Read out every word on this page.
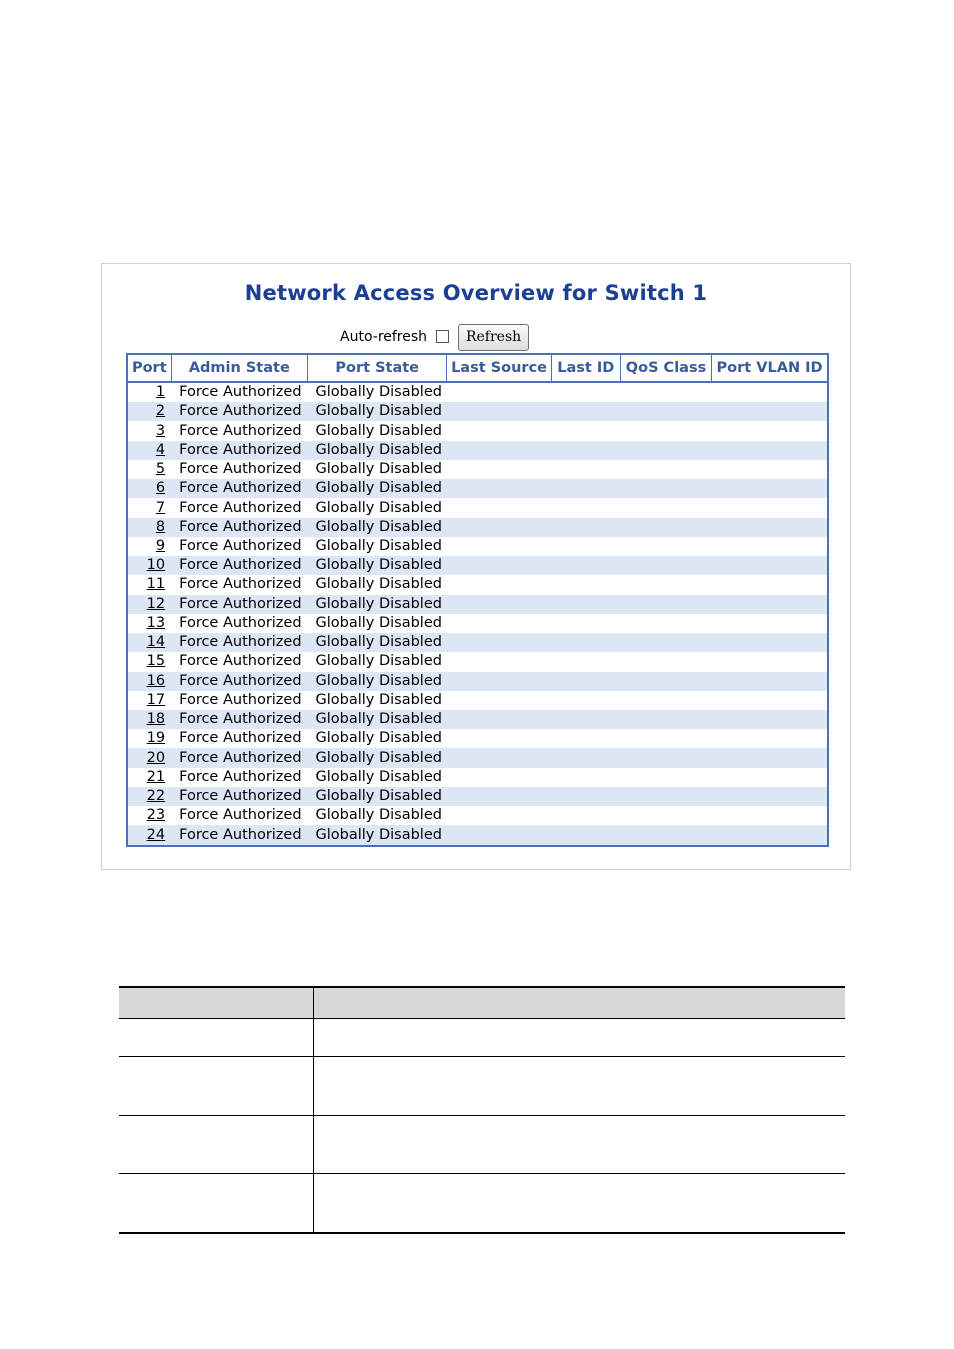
Network Access Overview for Switch 1
Auto-refresh	Refresh
Port	Admin State	Port State	Last Source	Last ID	QoS Class	Port VLAN ID
1	Force Authorized	Globally Disabled				
2	Force Authorized	Globally Disabled				
3	Force Authorized	Globally Disabled				
4	Force Authorized	Globally Disabled				
5	Force Authorized	Globally Disabled				
6	Force Authorized	Globally Disabled				
7	Force Authorized	Globally Disabled				
8	Force Authorized	Globally Disabled				
9	Force Authorized	Globally Disabled				
10	Force Authorized	Globally Disabled				
11	Force Authorized	Globally Disabled				
12	Force Authorized	Globally Disabled				
13	Force Authorized	Globally Disabled				
14	Force Authorized	Globally Disabled				
15	Force Authorized	Globally Disabled				
16	Force Authorized	Globally Disabled				
17	Force Authorized	Globally Disabled				
18	Force Authorized	Globally Disabled				
19	Force Authorized	Globally Disabled				
20	Force Authorized	Globally Disabled				
21	Force Authorized	Globally Disabled				
22	Force Authorized	Globally Disabled				
23	Force Authorized	Globally Disabled				
24	Force Authorized	Globally Disabled				
